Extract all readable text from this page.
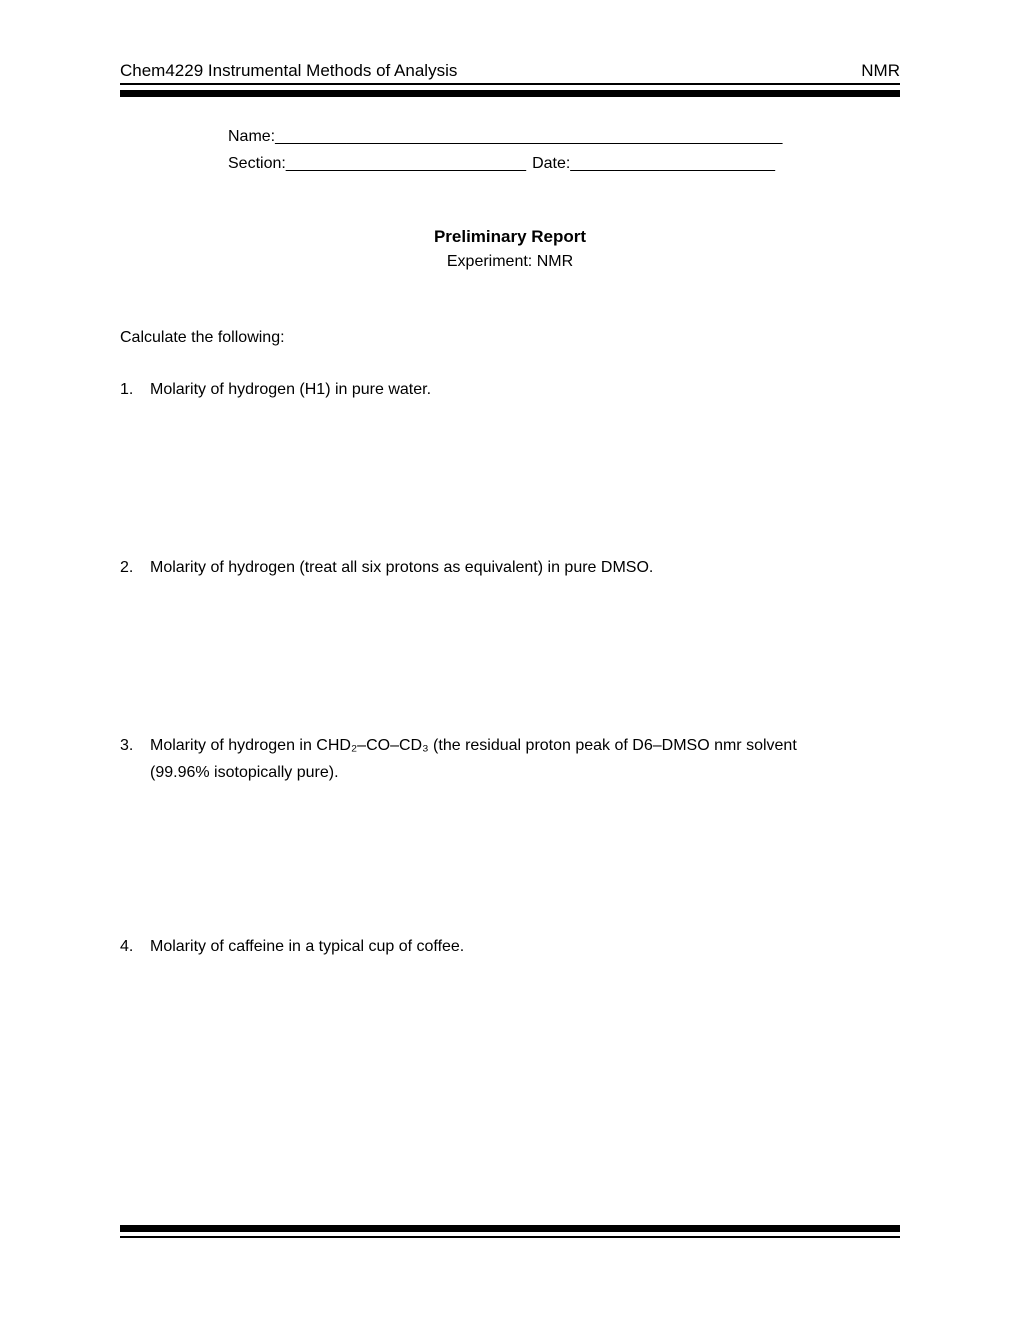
Chem4229 Instrumental Methods of Analysis	NMR
Name:_________________________________________________________
Section:___________________________ Date:_______________________
Preliminary Report
Experiment: NMR
Calculate the following:
1.	Molarity of hydrogen (H1) in pure water.
2.	Molarity of hydrogen (treat all six protons as equivalent) in pure DMSO.
3.	Molarity of hydrogen in CHD₂–CO–CD₃ (the residual proton peak of D6–DMSO nmr solvent
(99.96% isotopically pure).
4.	Molarity of caffeine in a typical cup of coffee.
